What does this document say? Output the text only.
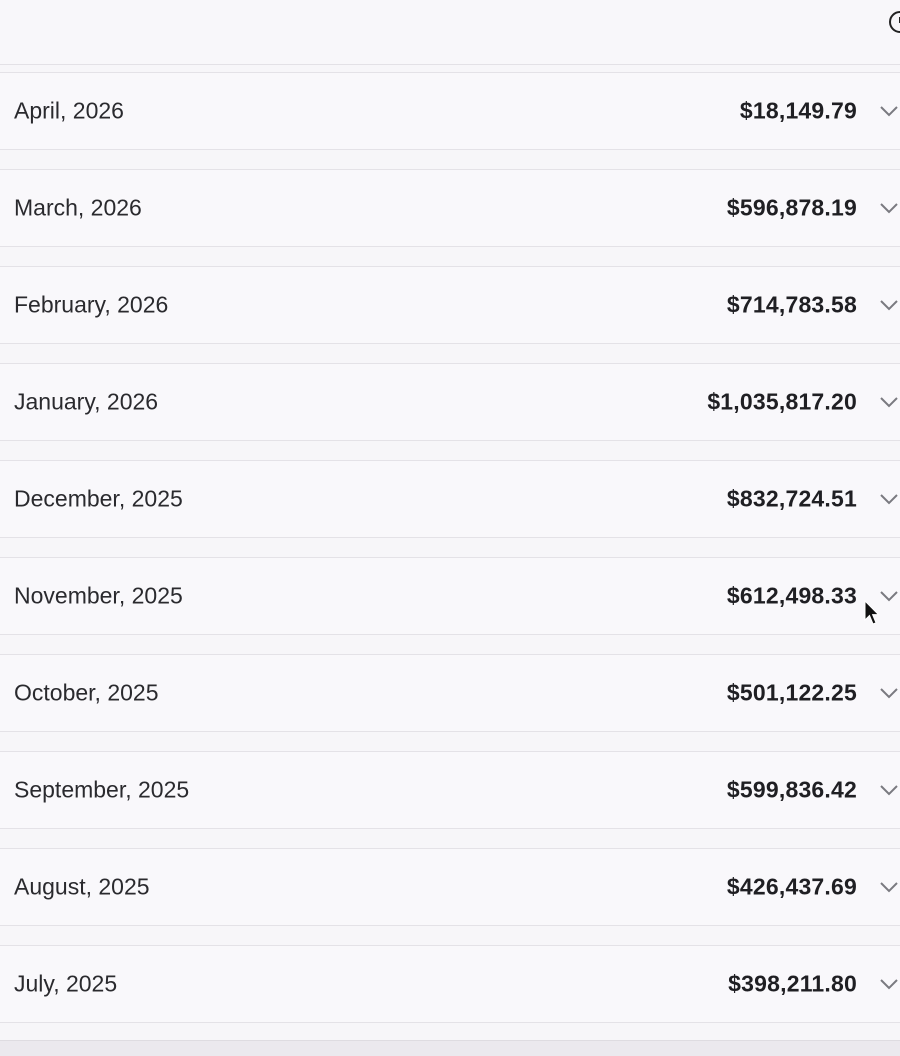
April, 2026	$18,149.79
March, 2026	$596,878.19
February, 2026	$714,783.58
January, 2026	$1,035,817.20
December, 2025	$832,724.51
November, 2025	$612,498.33
October, 2025	$501,122.25
September, 2025	$599,836.42
August, 2025	$426,437.69
July, 2025	$398,211.80
